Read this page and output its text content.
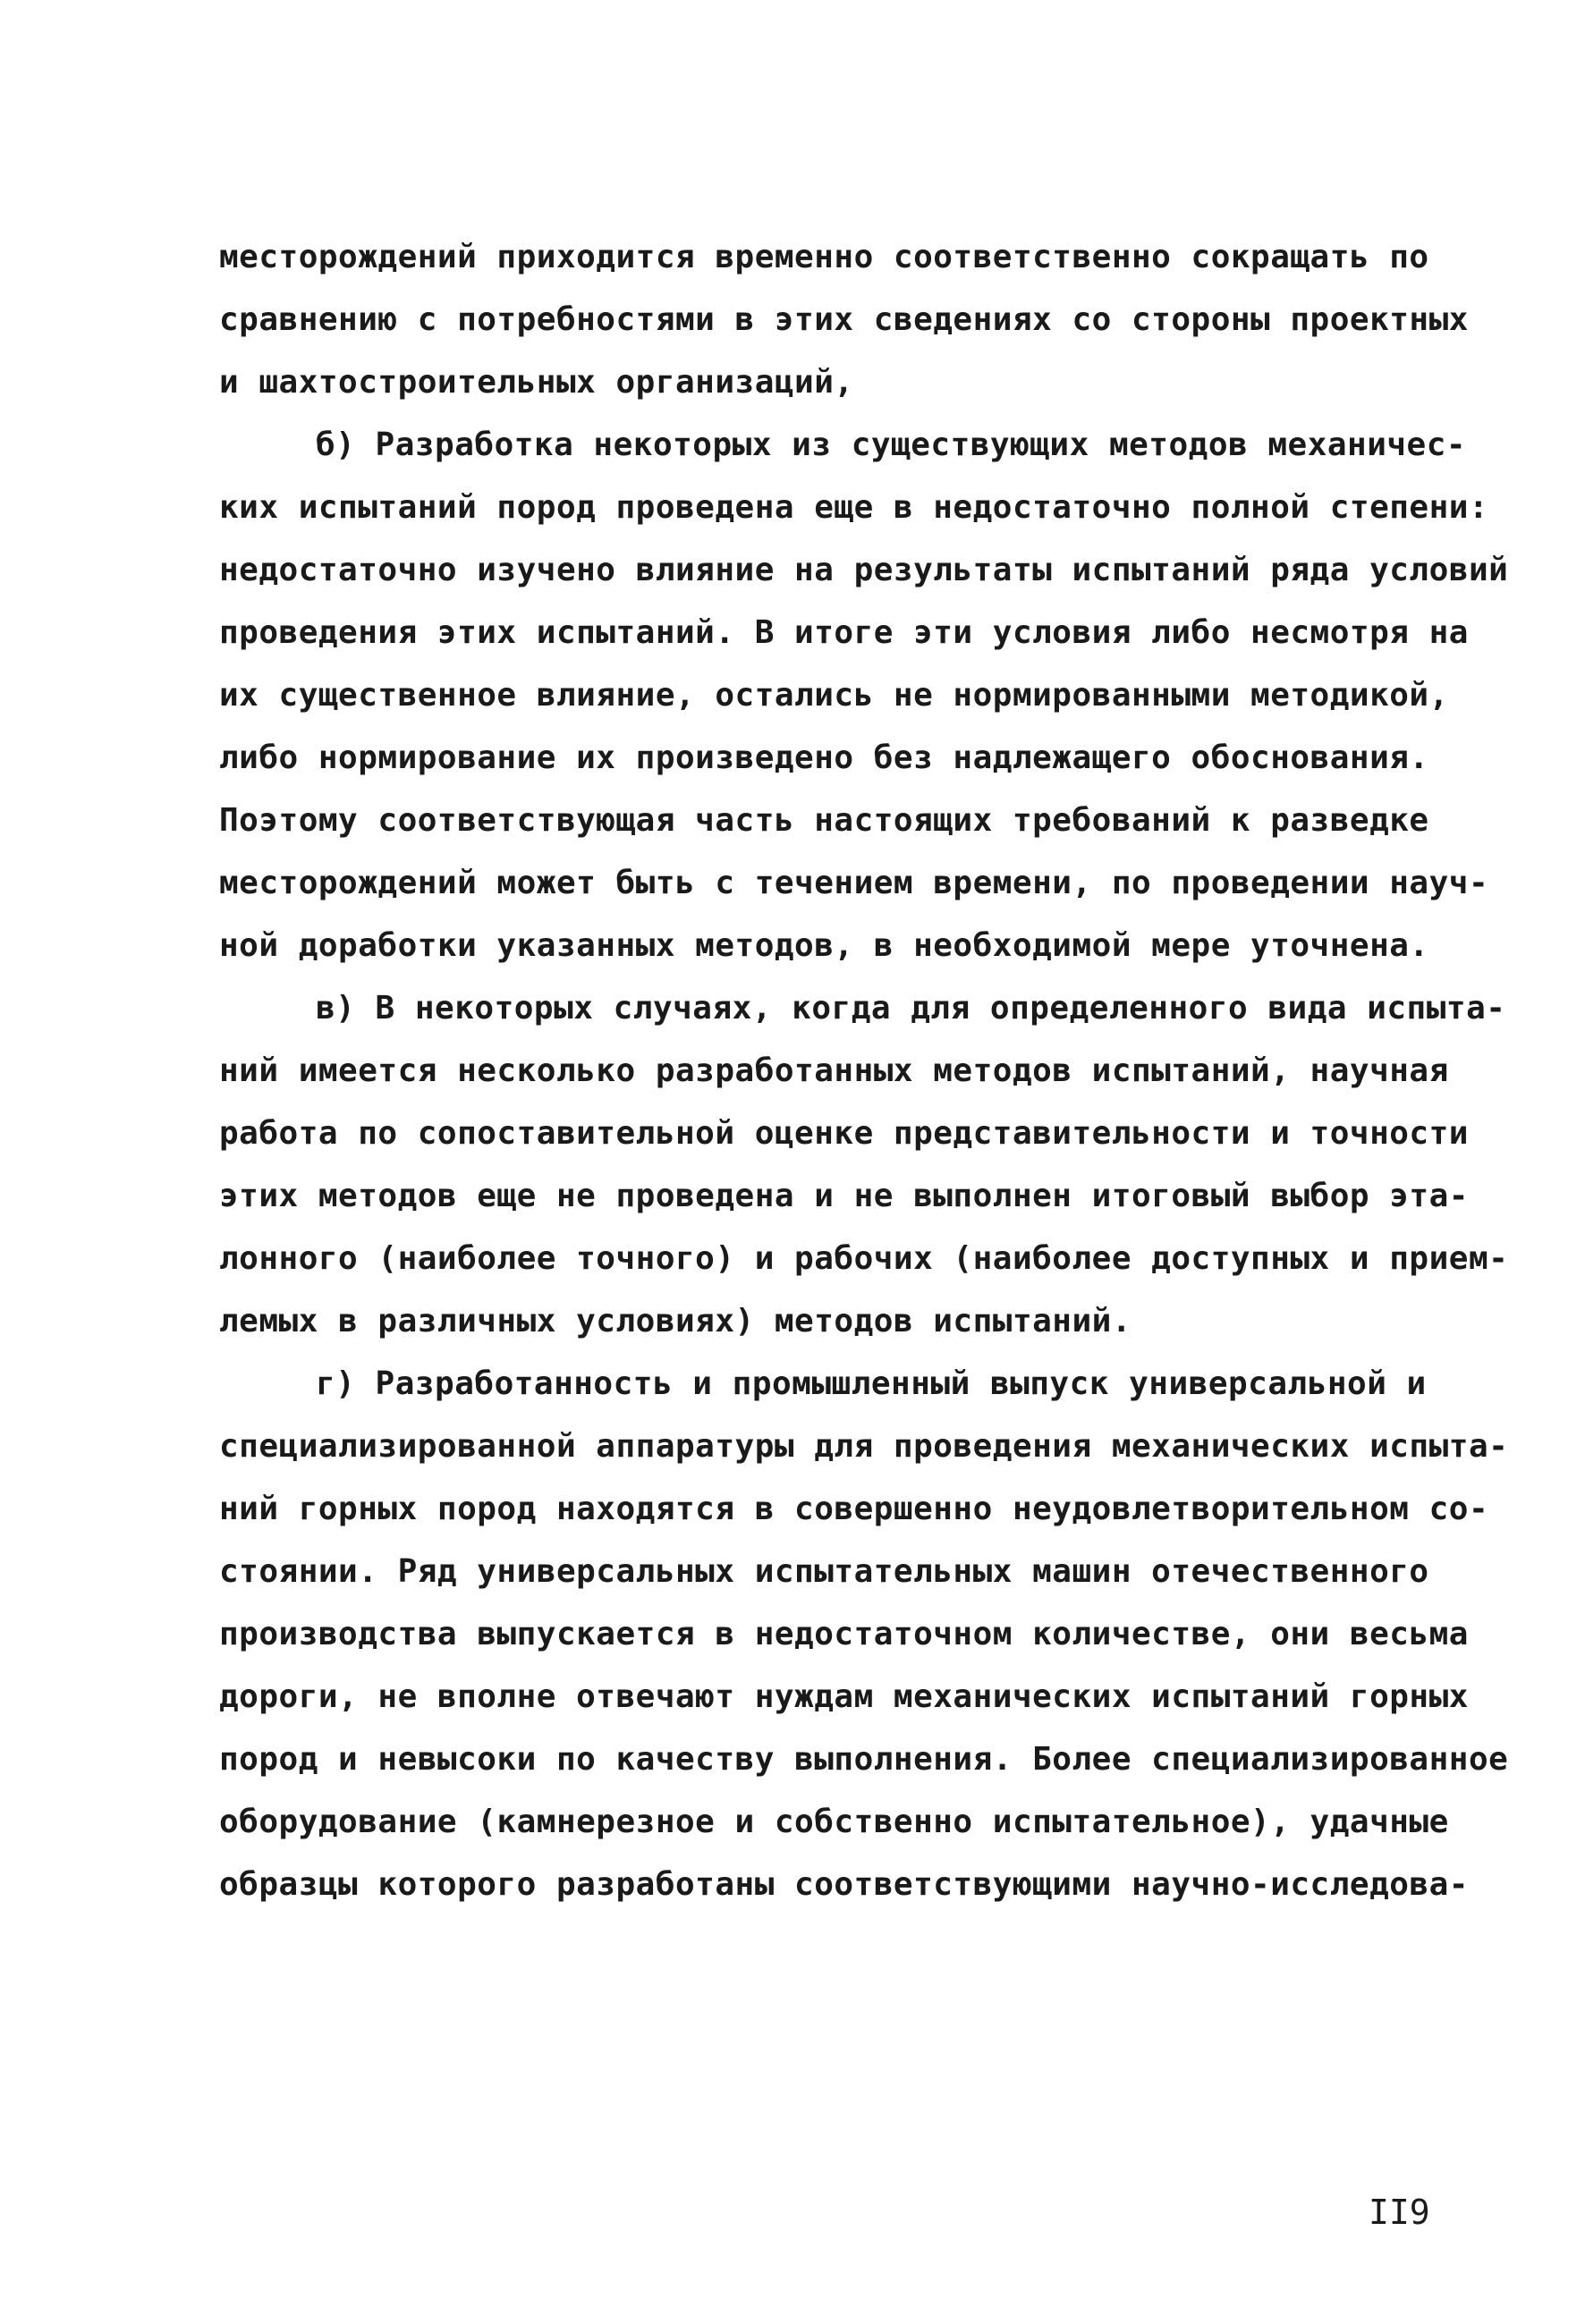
месторождений приходится временно соответственно сокращать по
сравнению с потребностями в этих сведениях со стороны проектных
и шахтостроительных организаций,
б) Разработка некоторых из существующих методов механичес-
ких испытаний пород проведена еще в недостаточно полной степени:
недостаточно изучено влияние на результаты испытаний ряда условий
проведения этих испытаний. В итоге эти условия либо несмотря на
их существенное влияние, остались не нормированными методикой,
либо нормирование их произведено без надлежащего обоснования.
Поэтому соответствующая часть настоящих требований к разведке
месторождений может быть с течением времени, по проведении науч-
ной доработки указанных методов, в необходимой мере уточнена.
в) В некоторых случаях, когда для определенного вида испыта-
ний имеется несколько разработанных методов испытаний, научная
работа по сопоставительной оценке представительности и точности
этих методов еще не проведена и не выполнен итоговый выбор эта-
лонного (наиболее точного) и рабочих (наиболее доступных и прием-
лемых в различных условиях) методов испытаний.
г) Разработанность и промышленный выпуск универсальной и
специализированной аппаратуры для проведения механических испыта-
ний горных пород находятся в совершенно неудовлетворительном со-
стоянии. Ряд универсальных испытательных машин отечественного
производства выпускается в недостаточном количестве, они весьма
дороги, не вполне отвечают нуждам механических испытаний горных
пород и невысоки по качеству выполнения. Более специализированное
оборудование (камнерезное и собственно испытательное), удачные
образцы которого разработаны соответствующими научно-исследова-
II9
